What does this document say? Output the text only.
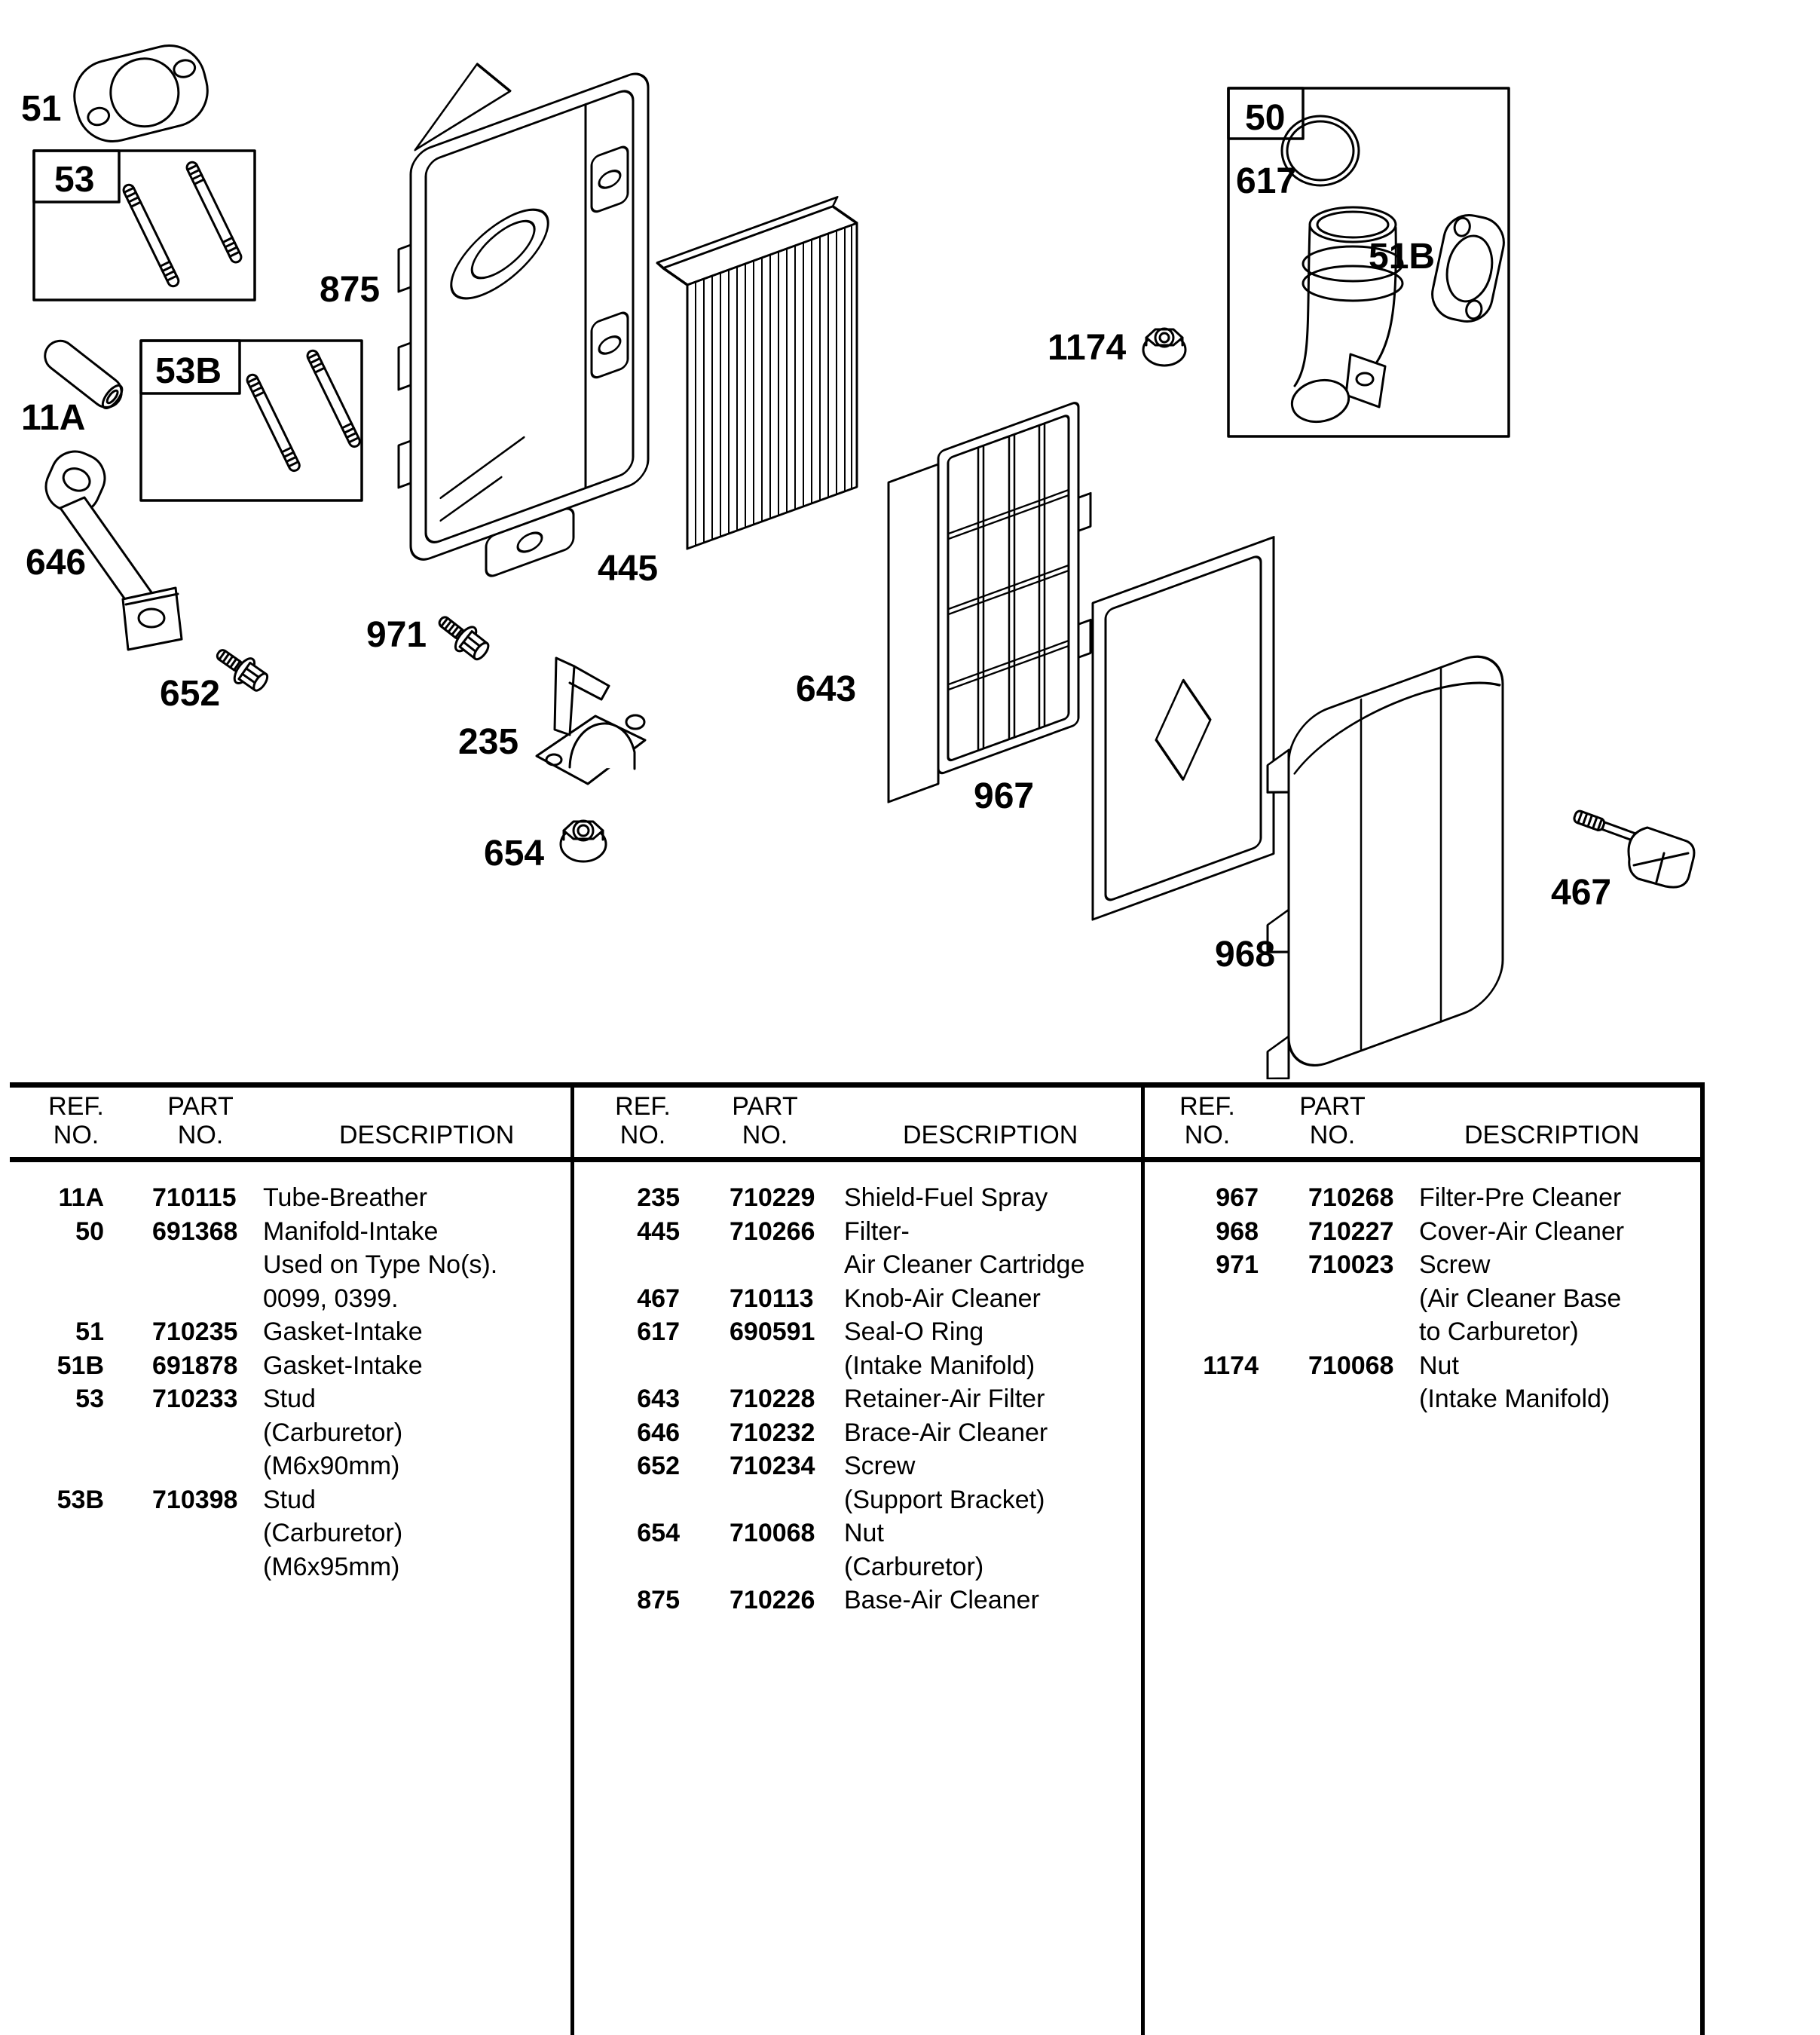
51
53
875
11A
53B
646
652
971
235
654
445
643
1174
50
617
51B
967
968
467
REF.
NO.
PART
NO.	DESCRIPTION
REF.
NO.
PART
NO.	DESCRIPTION
REF.
NO.
PART
NO.	DESCRIPTION
11A 710115 Tube-Breather
50 691368 Manifold-Intake
Used on Type No(s).
0099, 0399.
51 710235 Gasket-Intake
51B 691878 Gasket-Intake
53 710233 Stud
(Carburetor)
(M6x90mm)
53B 710398 Stud
(Carburetor)
(M6x95mm)
235 710229 Shield-Fuel Spray
445 710266 Filter-
Air Cleaner Cartridge
467 710113 Knob-Air Cleaner
617 690591 Seal-O Ring
(Intake Manifold)
643 710228 Retainer-Air Filter
646 710232 Brace-Air Cleaner
652 710234 Screw
(Support Bracket)
654 710068 Nut
(Carburetor)
875 710226 Base-Air Cleaner
967 710268 Filter-Pre Cleaner
968 710227 Cover-Air Cleaner
971 710023 Screw
(Air Cleaner Base
to Carburetor)
1174 710068 Nut
(Intake Manifold)
